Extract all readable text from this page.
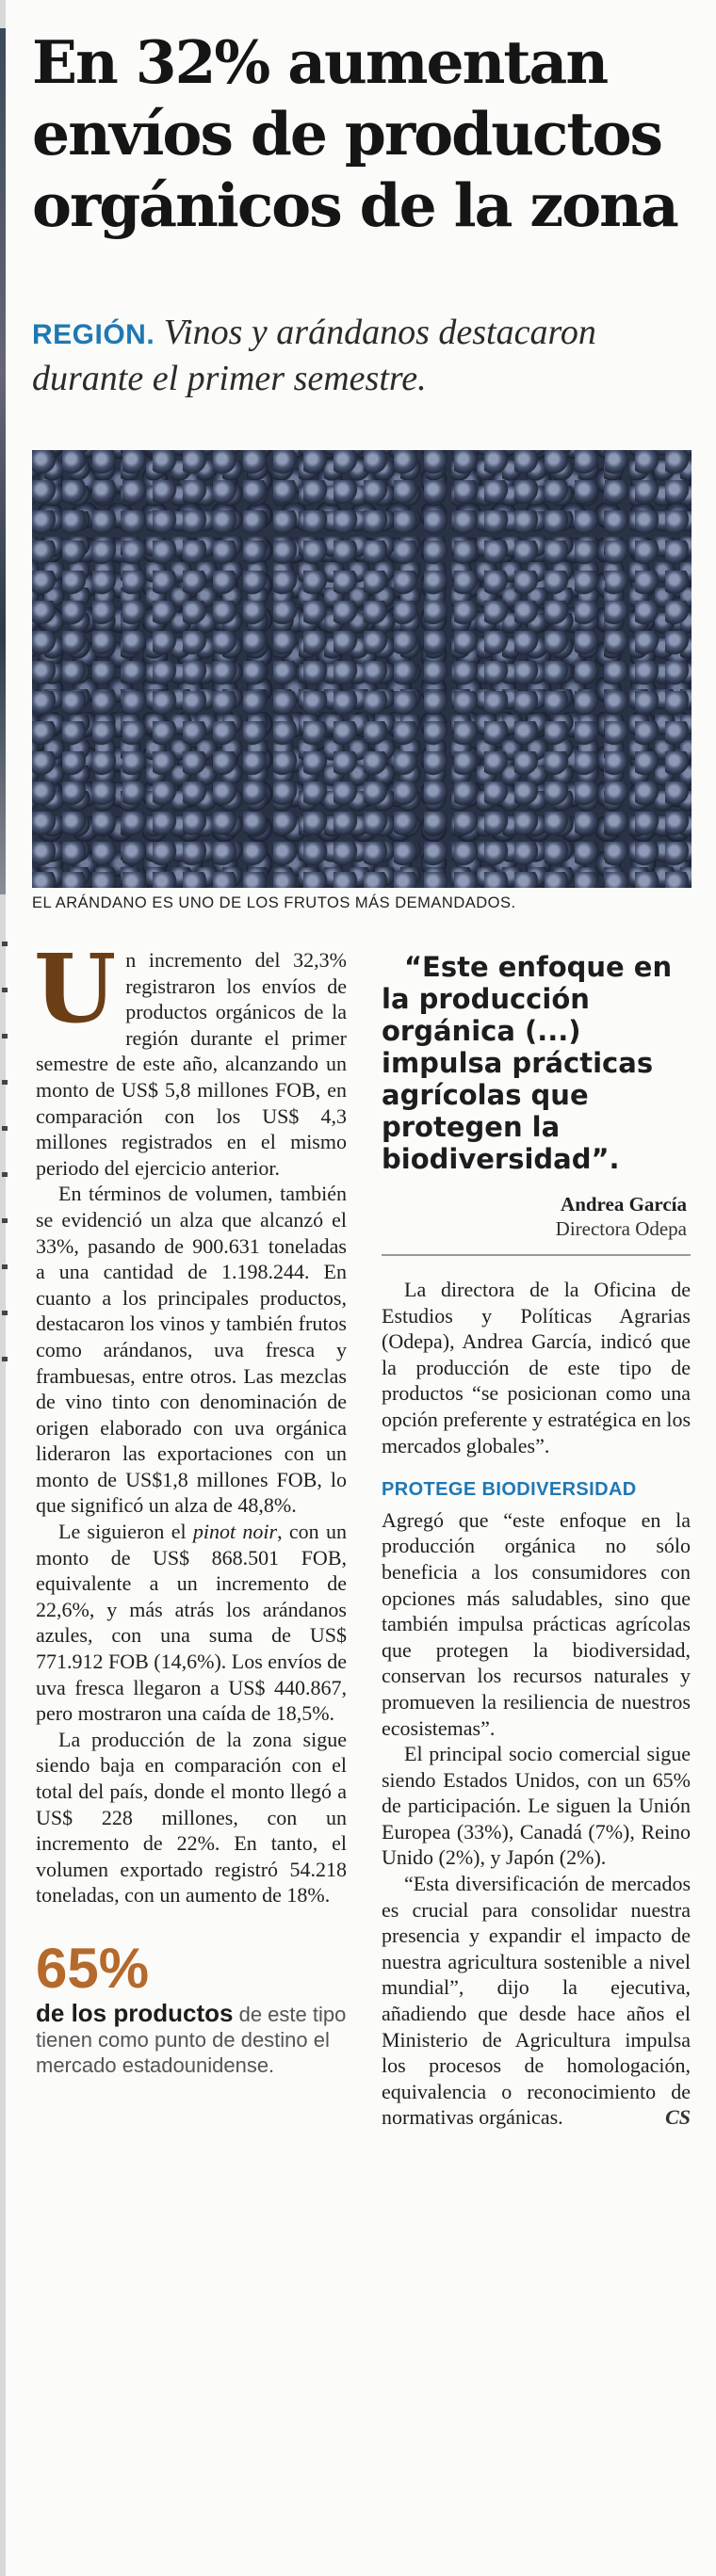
En 32% aumentan envíos de productos orgánicos de la zona
REGIÓN. Vinos y arándanos destacaron durante el primer semestre.
EL ARÁNDANO ES UNO DE LOS FRUTOS MÁS DEMANDADOS.

Un incremento del 32,3% registraron los envíos de productos orgánicos de la región durante el primer semestre de este año, alcanzando un monto de US$ 5,8 millones FOB, en comparación con los US$ 4,3 millones registrados en el mismo periodo del ejercicio anterior.

En términos de volumen, también se evidenció un alza que alcanzó el 33%, pasando de 900.631 toneladas a una cantidad de 1.198.244. En cuanto a los principales productos, destacaron los vinos y también frutos como arándanos, uva fresca y frambuesas, entre otros. Las mezclas de vino tinto con denominación de origen elaborado con uva orgánica lideraron las exportaciones con un monto de US$1,8 millones FOB, lo que significó un alza de 48,8%.

Le siguieron el pinot noir, con un monto de US$ 868.501 FOB, equivalente a un incremento de 22,6%, y más atrás los arándanos azules, con una suma de US$ 771.912 FOB (14,6%). Los envíos de uva fresca llegaron a US$ 440.867, pero mostraron una caída de 18,5%.

La producción de la zona sigue siendo baja en comparación con el total del país, donde el monto llegó a US$ 228 millones, con un incremento de 22%. En tanto, el volumen exportado registró 54.218 toneladas, con un aumento de 18%.

65%
de los productos de este tipo tienen como punto de destino el mercado estadounidense.

“Este enfoque en la producción orgánica (...) impulsa prácticas agrícolas que protegen la biodiversidad”.

Andrea García
Directora Odepa

La directora de la Oficina de Estudios y Políticas Agrarias (Odepa), Andrea García, indicó que la producción de este tipo de productos “se posicionan como una opción preferente y estratégica en los mercados globales”.

PROTEGE BIODIVERSIDAD

Agregó que “este enfoque en la producción orgánica no sólo beneficia a los consumidores con opciones más saludables, sino que también impulsa prácticas agrícolas que protegen la biodiversidad, conservan los recursos naturales y promueven la resiliencia de nuestros ecosistemas”.

El principal socio comercial sigue siendo Estados Unidos, con un 65% de participación. Le siguen la Unión Europea (33%), Canadá (7%), Reino Unido (2%), y Japón (2%).

“Esta diversificación de mercados es crucial para consolidar nuestra presencia y expandir el impacto de nuestra agricultura sostenible a nivel mundial”, dijo la ejecutiva, añadiendo que desde hace años el Ministerio de Agricultura impulsa los procesos de homologación, equivalencia o reconocimiento de normativas orgánicas.	CS
